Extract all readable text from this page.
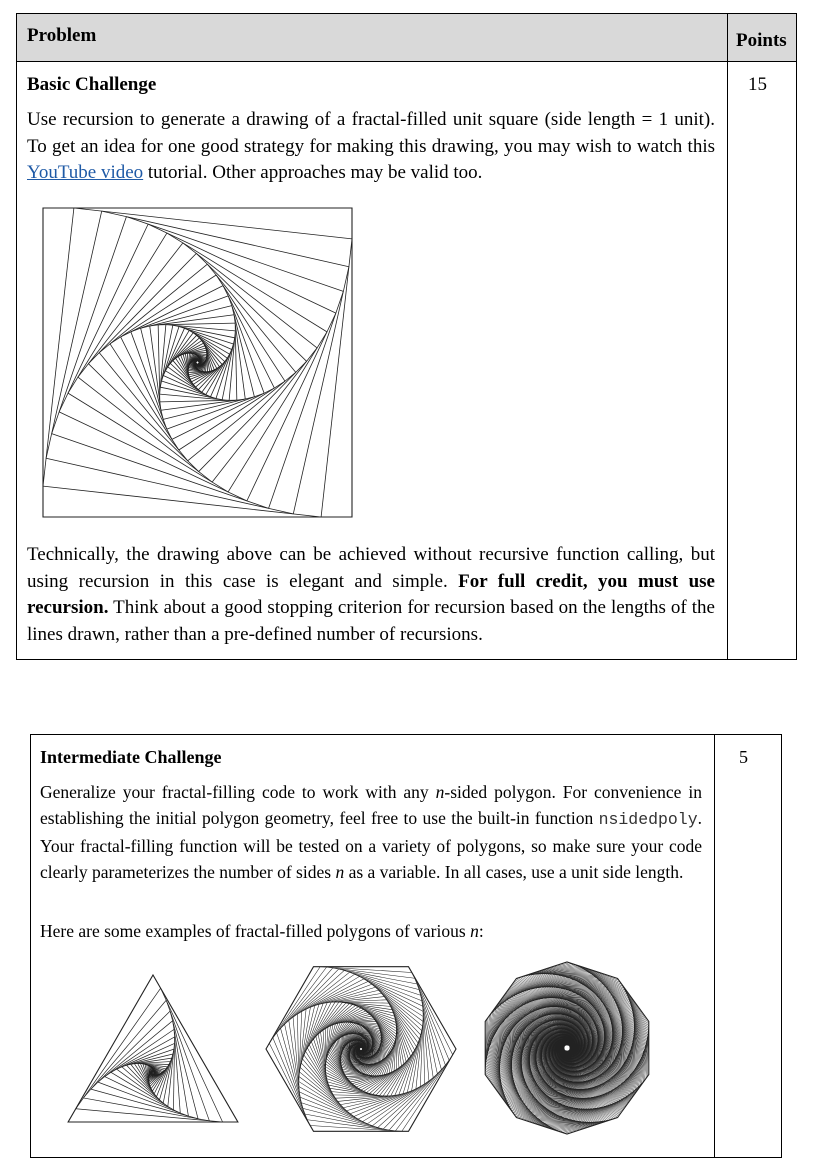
Problem	Points
Basic Challenge	15

Use recursion to generate a drawing of a fractal-filled unit square (side length = 1 unit). To get an idea for one good strategy for making this drawing, you may wish to watch this YouTube video tutorial. Other approaches may be valid too.

Technically, the drawing above can be achieved without recursive function calling, but using recursion in this case is elegant and simple. For full credit, you must use recursion. Think about a good stopping criterion for recursion based on the lengths of the lines drawn, rather than a pre-defined number of recursions.

Intermediate Challenge	5

Generalize your fractal-filling code to work with any n-sided polygon. For convenience in establishing the initial polygon geometry, feel free to use the built-in function nsidedpoly. Your fractal-filling function will be tested on a variety of polygons, so make sure your code clearly parameterizes the number of sides n as a variable. In all cases, use a unit side length.

Here are some examples of fractal-filled polygons of various n:
